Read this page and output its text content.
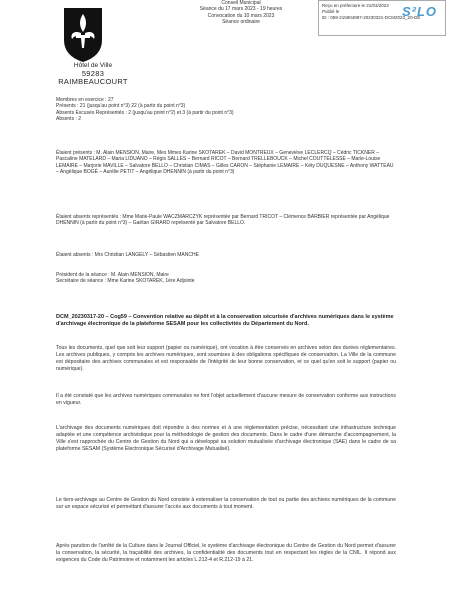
Hôtel de Ville
59283 RAIMBEAUCOURT
Conseil Municipal
Séance du 17 mars 2023 - 19 heures
Convocation du 10 mars 2023
Séance ordinaire
Reçu en préfecture le 21/03/2023
Publié le
ID : 059-215904897-20230321-DCM2023_20-DE
S²LO

Membres en exercice : 27

Présents : 21 (jusqu'au point n°3) 22 (à partir du point n°3)

Absents Excusés Représentés : 2 (jusqu'au point n°2) et 3 (à partir du point n°3)

Absents : 2

Étaient présents : M. Alain MENSION, Maire, Mes Mmes Karine SKOTAREK – David MONTREUX – Geneviève LECLERCQ – Cédric TICKNER – Pascaline MATELARD – Maria LIDUANO – Régis SALLES – Bernard RICOT – Bernard TRELLEBOUCK – Michel COUTTELESSE – Marie-Louise LEMAIRE – Marjorie MAVILLE – Salvatore BELLO – Christian CIMAS – Gilles CARON – Stéphanie LEMAIRE – Kéty DUQUESNE – Anthony WATTEAU – Angélique BOGÉ – Aurélie PETIT – Angélique DHENNIN (à partir du point n°3)

Étaient absents représentés : Mme Marie-Paule WACZMARCZYK représentée par Bernard TRICOT – Clémence BARBIER représentée par Angélique DHENNIN (à partir du point n°3) – Gaëtan GIRARD représenté par Salvatore BELLO.

Étaient absents : Mrs Christian LANGELY – Sébastien MANCHE

Président de la séance : M. Alain MENSION, Maire

Secrétaire de séance : Mme Karine SKOTAREK, 1ère Adjointe

DCM_20230317-20 – Cog59 – Convention relative au dépôt et à la conservation sécurisée d'archives numériques dans le système d'archivage électronique de la plateforme SESAM pour les collectivités du Département du Nord.
Tous les documents, quel que soit leur support (papier ou numérique), ont vocation à être conservés en archives selon des durées réglementaires. Les archives publiques, y compris les archives numériques, sont soumises à des obligations spécifiques de conservation. La Ville de la commune est dépositaire des archives communales et est responsable de l'intégrité de leur bonne conservation, et ce quel qu'en soit le support (papier ou numérique).
Il a été constaté que les archives numériques communales ne font l'objet actuellement d'aucune mesure de conservation conforme aux instructions en vigueur.
L'archivage des documents numériques doit répondre à des normes et à une réglementation précise, nécessitant une infrastructure technique adaptée et une compétence archivistique pour la méthodologie de gestion des documents. Dans le cadre d'une démarche d'accompagnement, la Ville s'est rapprochée du Centre de Gestion du Nord qui a développé sa solution mutualisée d'archivage électronique (SAE) dans le cadre de sa plateforme SESAM (Système Électronique Sécurisé d'Archivage Mutualisé).
Le tiers-archivage au Centre de Gestion du Nord consiste à externaliser la conservation de tout ou partie des archives numériques de la commune sur un espace sécurisé et permettant d'assurer l'accès aux documents à tout moment.
Après parution de l'arrêté de la Culture dans le Journal Officiel, le système d'archivage électronique du Centre de Gestion du Nord permet d'assurer la conservation, la sécurité, la traçabilité des archives, la confidentialité des documents tout en respectant les règles de la CNIL. Il répond aux exigences du Code du Patrimoine et notamment les articles L.212-4 et R.212-19 à 21.
